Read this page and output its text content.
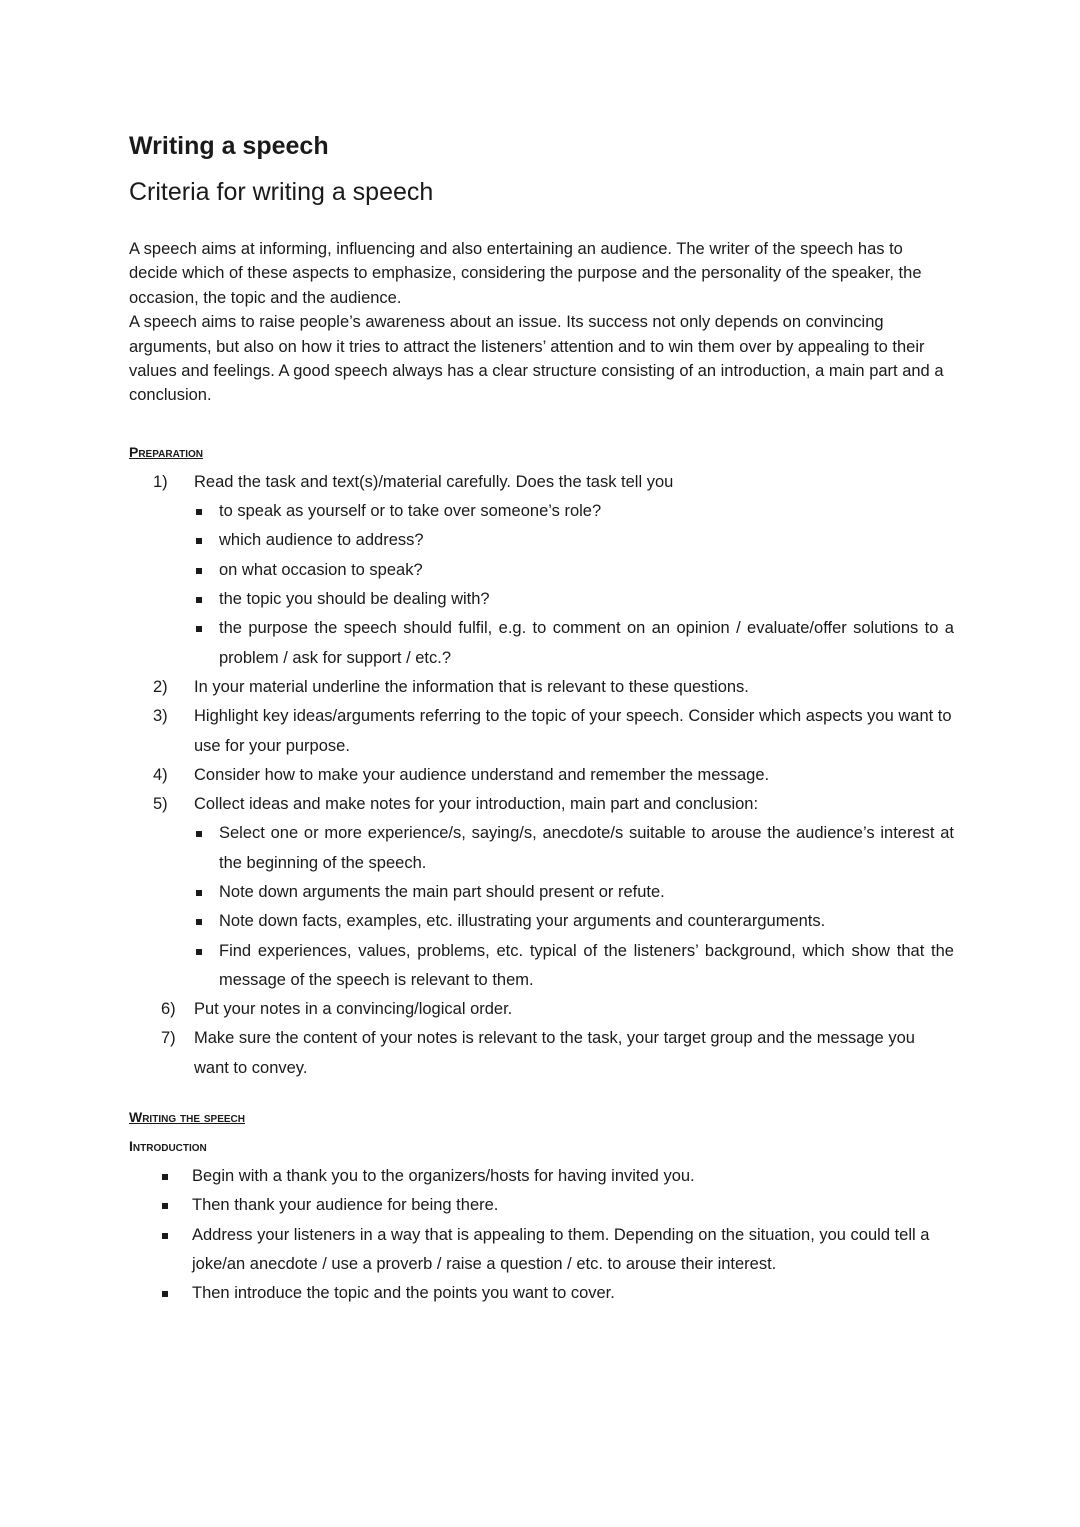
Writing a speech
Criteria for writing a speech

A speech aims at informing, influencing and also entertaining an audience. The writer of the speech has to decide which of these aspects to emphasize, considering the purpose and the personality of the speaker, the occasion, the topic and the audience.

A speech aims to raise people’s awareness about an issue. Its success not only depends on convincing arguments, but also on how it tries to attract the listeners’ attention and to win them over by appealing to their values and feelings. A good speech always has a clear structure consisting of an introduction, a main part and a conclusion.

Preparation
1)	Read the task and text(s)/material carefully. Does the task tell you
to speak as yourself or to take over someone’s role?
which audience to address?
on what occasion to speak?
the topic you should be dealing with?
the purpose the speech should fulfil, e.g. to comment on an opinion / evaluate/offer solutions to a problem / ask for support / etc.?
2)	In your material underline the information that is relevant to these questions.
3)	Highlight key ideas/arguments referring to the topic of your speech. Consider which aspects you want to use for your purpose.
4)	Consider how to make your audience understand and remember the message.
5)	Collect ideas and make notes for your introduction, main part and conclusion:
Select one or more experience/s, saying/s, anecdote/s suitable to arouse the audience’s interest at the beginning of the speech.
Note down arguments the main part should present or refute.
Note down facts, examples, etc. illustrating your arguments and counterarguments.
Find experiences, values, problems, etc. typical of the listeners’ background, which show that the message of the speech is relevant to them.
6)	Put your notes in a convincing/logical order.
7)	Make sure the content of your notes is relevant to the task, your target group and the message you want to convey.
Writing the speech
Introduction
Begin with a thank you to the organizers/hosts for having invited you.
Then thank your audience for being there.
Address your listeners in a way that is appealing to them. Depending on the situation, you could tell a joke/an anecdote / use a proverb / raise a question / etc. to arouse their interest.
Then introduce the topic and the points you want to cover.
